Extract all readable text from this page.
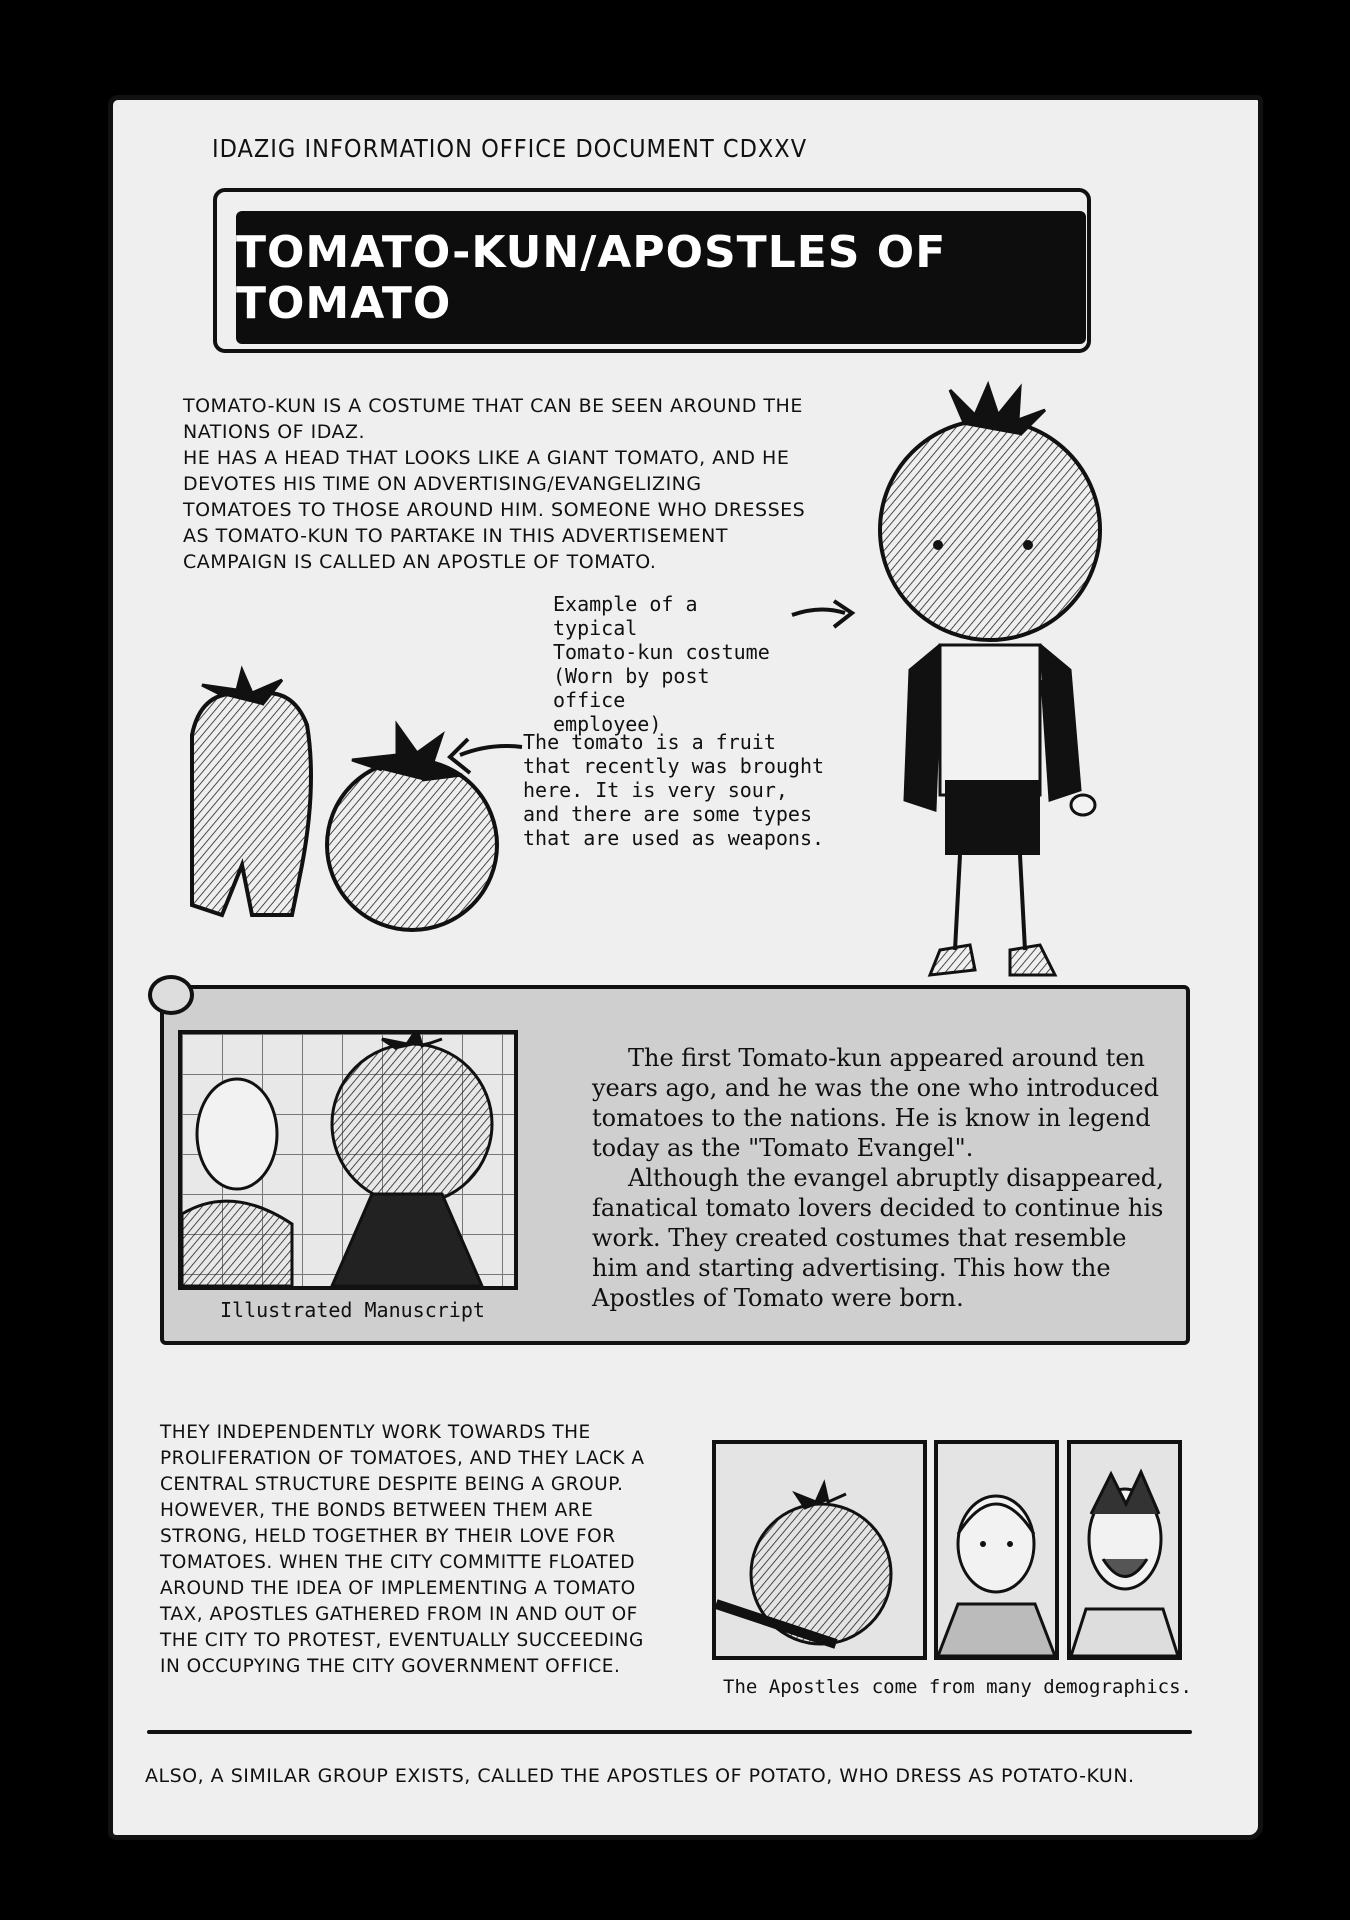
IDAZIG INFORMATION OFFICE DOCUMENT CDXXV
TOMATO-KUN/APOSTLES OF TOMATO
TOMATO-KUN IS A COSTUME THAT CAN BE SEEN AROUND THE
NATIONS OF IDAZ.
HE HAS A HEAD THAT LOOKS LIKE A GIANT TOMATO, AND HE
DEVOTES HIS TIME ON ADVERTISING/EVANGELIZING
TOMATOES TO THOSE AROUND HIM. SOMEONE WHO DRESSES
AS TOMATO-KUN TO PARTAKE IN THIS ADVERTISEMENT
CAMPAIGN IS CALLED AN APOSTLE OF TOMATO.
Example of a typical
Tomato-kun costume
(Worn by post office
employee)
The tomato is a fruit
that recently was brought
here. It is very sour,
and there are some types
that are used as weapons.
Illustrated Manuscript

The first Tomato-kun appeared around ten years ago, and he was the one who introduced tomatoes to the nations. He is know in legend today as the "Tomato Evangel".

Although the evangel abruptly disappeared, fanatical tomato lovers decided to continue his work. They created costumes that resemble him and starting advertising. This how the Apostles of Tomato were born.

THEY INDEPENDENTLY WORK TOWARDS THE
PROLIFERATION OF TOMATOES, AND THEY LACK A
CENTRAL STRUCTURE DESPITE BEING A GROUP.
HOWEVER, THE BONDS BETWEEN THEM ARE
STRONG, HELD TOGETHER BY THEIR LOVE FOR
TOMATOES. WHEN THE CITY COMMITTE FLOATED
AROUND THE IDEA OF IMPLEMENTING A TOMATO
TAX, APOSTLES GATHERED FROM IN AND OUT OF
THE CITY TO PROTEST, EVENTUALLY SUCCEEDING
IN OCCUPYING THE CITY GOVERNMENT OFFICE.
The Apostles come from many demographics.
ALSO, A SIMILAR GROUP EXISTS, CALLED THE APOSTLES OF POTATO, WHO DRESS AS POTATO-KUN.
